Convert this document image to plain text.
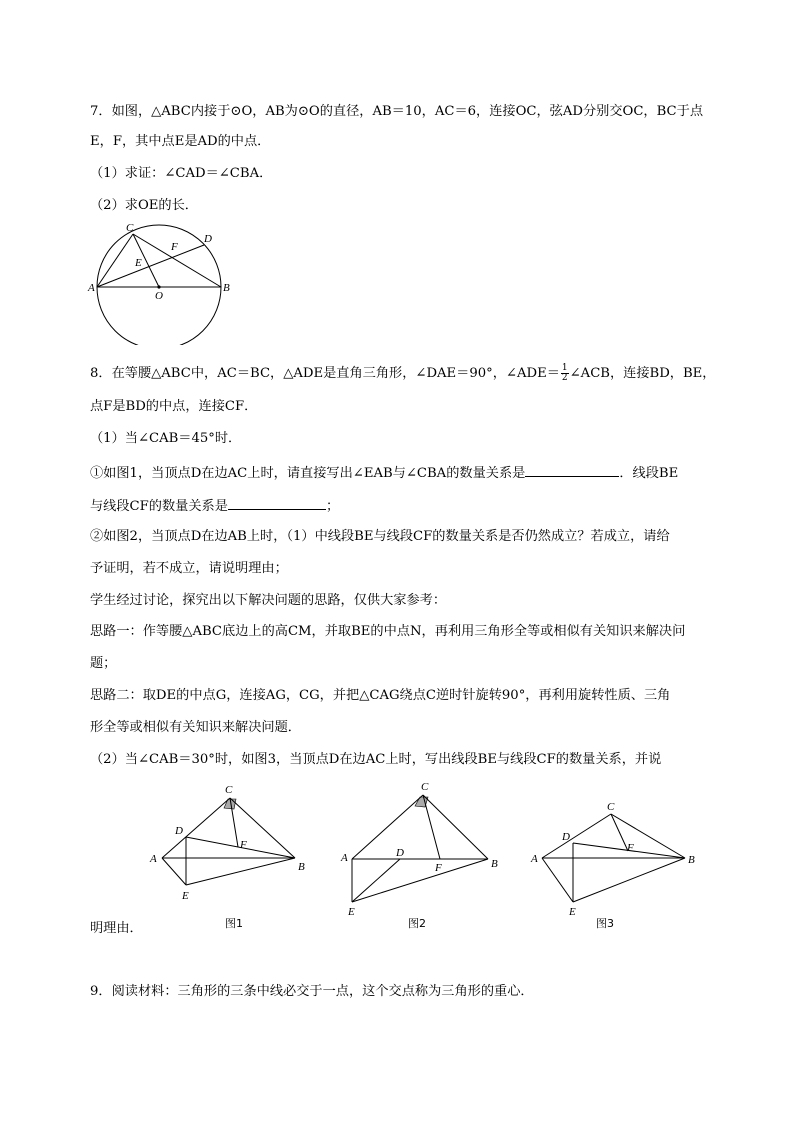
7．如图，△ABC内接于⊙O，AB为⊙O的直径，AB＝10，AC＝6，连接OC，弦AD分别交OC，BC于点
E，F，其中点E是AD的中点．
（1）求证：∠CAD＝∠CBA．
（2）求OE的长．
C
D
F
E
A
O
B
8．在等腰△ABC中，AC＝BC，△ADE是直角三角形，∠DAE＝90°，∠ADE＝ $\frac{1}{2}$ ∠ACB，连接BD，BE，
点F是BD的中点，连接CF．
（1）当∠CAB＝45°时．
①如图1，当顶点D在边AC上时，请直接写出∠EAB与∠CBA的数量关系是	．线段BE
与线段CF的数量关系是	；
②如图2，当顶点D在边AB上时，（1）中线段BE与线段CF的数量关系是否仍然成立？若成立，请给
予证明，若不成立，请说明理由；
学生经过讨论，探究出以下解决问题的思路，仅供大家参考：
思路一：作等腰△ABC底边上的高CM，并取BE的中点N，再利用三角形全等或相似有关知识来解决问
题；
思路二：取DE的中点G，连接AG，CG，并把△CAG绕点C逆时针旋转90°，再利用旋转性质、三角
形全等或相似有关知识来解决问题．
（2）当∠CAB＝30°时，如图3，当顶点D在边AC上时，写出线段BE与线段CF的数量关系，并说
C
D
F
A
B
E
图1
C
A	D
F	B
E
图2
C
D
F
A	B
E
图3
明理由．
9．阅读材料：三角形的三条中线必交于一点，这个交点称为三角形的重心．
